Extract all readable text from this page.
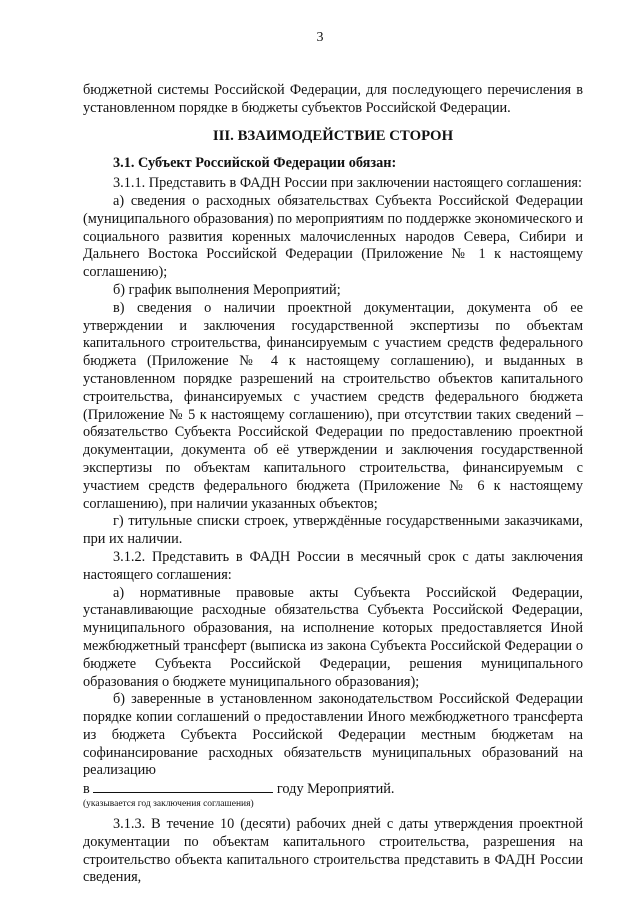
3

бюджетной системы Российской Федерации, для последующего перечисления в установленном порядке в бюджеты субъектов Российской Федерации.

III. ВЗАИМОДЕЙСТВИЕ СТОРОН

3.1. Субъект Российской Федерации обязан:

3.1.1. Представить в ФАДН России при заключении настоящего соглашения:

а) сведения о расходных обязательствах Субъекта Российской Федерации (муниципального образования) по мероприятиям по поддержке экономического и социального развития коренных малочисленных народов Севера, Сибири и Дальнего Востока Российской Федерации (Приложение № 1 к настоящему соглашению);

б) график выполнения Мероприятий;

в) сведения о наличии проектной документации, документа об ее утверждении и заключения государственной экспертизы по объектам капитального строительства, финансируемым с участием средств федерального бюджета (Приложение № 4 к настоящему соглашению), и выданных в установленном порядке разрешений на строительство объектов капитального строительства, финансируемых с участием средств федерального бюджета (Приложение № 5 к настоящему соглашению), при отсутствии таких сведений – обязательство Субъекта Российской Федерации по предоставлению проектной документации, документа об её утверждении и заключения государственной экспертизы по объектам капитального строительства, финансируемым с участием средств федерального бюджета (Приложение № 6 к настоящему соглашению), при наличии указанных объектов;

г) титульные списки строек, утверждённые государственными заказчиками, при их наличии.

3.1.2. Представить в ФАДН России в месячный срок с даты заключения настоящего соглашения:

а) нормативные правовые акты Субъекта Российской Федерации, устанавливающие расходные обязательства Субъекта Российской Федерации, муниципального образования, на исполнение которых предоставляется Иной межбюджетный трансферт (выписка из закона Субъекта Российской Федерации о бюджете Субъекта Российской Федерации, решения муниципального образования о бюджете муниципального образования);

б) заверенные в установленном законодательством Российской Федерации порядке копии соглашений о предоставлении Иного межбюджетного трансферта из бюджета Субъекта Российской Федерации местным бюджетам на софинансирование расходных обязательств муниципальных образований на реализацию

в	году Мероприятий.

(указывается год заключения соглашения)

3.1.3. В течение 10 (десяти) рабочих дней с даты утверждения проектной документации по объектам капитального строительства, разрешения на строительство объекта капитального строительства представить в ФАДН России сведения,
